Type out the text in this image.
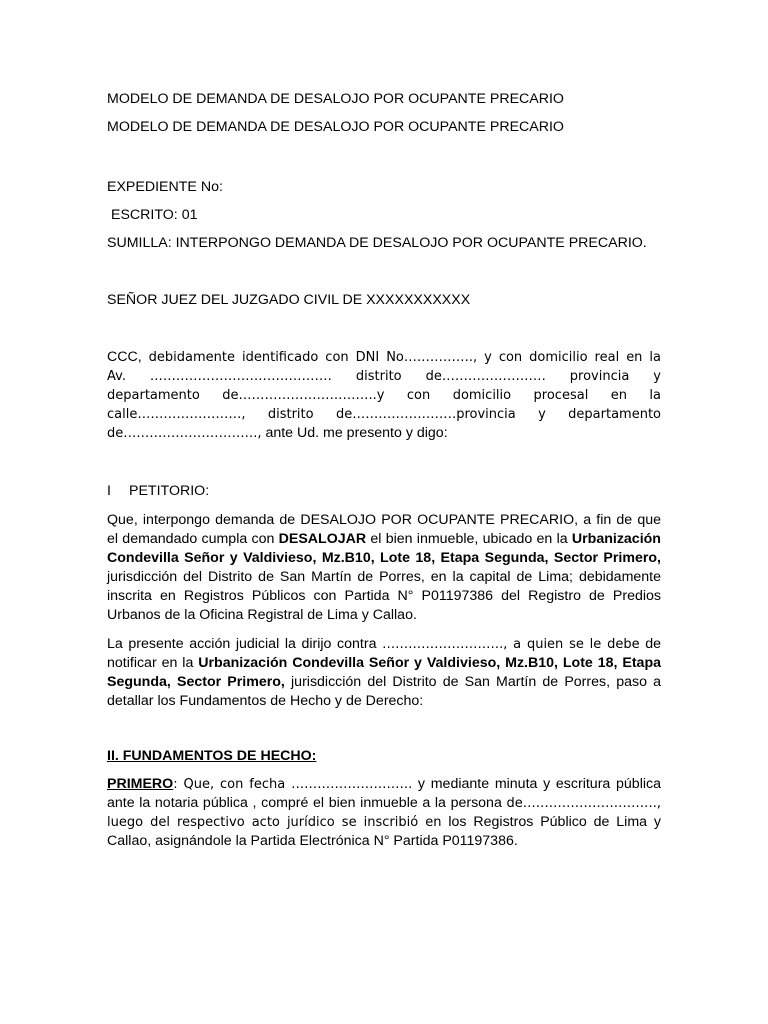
MODELO DE DEMANDA DE DESALOJO POR OCUPANTE PRECARIO
MODELO DE DEMANDA DE DESALOJO POR OCUPANTE PRECARIO
EXPEDIENTE No:
ESCRITO: 01
SUMILLA: INTERPONGO DEMANDA DE DESALOJO POR OCUPANTE PRECARIO.
SEÑOR JUEZ DEL JUZGADO CIVIL DE XXXXXXXXXXX
CCC, debidamente identificado con DNI No……………., y con domicilio real en la
Av. …………………………………… distrito de…………………… provincia y
departamento de…………………………..y con domicilio procesal en la
calle……………………, distrito de……………………provincia y departamento
de…………………………., ante Ud. me presento y digo:
I PETITORIO:
Que, interpongo demanda de DESALOJO POR OCUPANTE PRECARIO, a fin de que el demandado cumpla con DESALOJAR el bien inmueble, ubicado en la Urbanización Condevilla Señor y Valdivieso, Mz.B10, Lote 18, Etapa Segunda, Sector Primero, jurisdicción del Distrito de San Martín de Porres, en la capital de Lima; debidamente inscrita en Registros Públicos con Partida N° P01197386 del Registro de Predios Urbanos de la Oficina Registral de Lima y Callao.
La presente acción judicial la dirijo contra ………………………., a quien se le debe de notificar en la Urbanización Condevilla Señor y Valdivieso, Mz.B10, Lote 18, Etapa Segunda, Sector Primero, jurisdicción del Distrito de San Martín de Porres, paso a detallar los Fundamentos de Hecho y de Derecho:
II. FUNDAMENTOS DE HECHO:
PRIMERO: Que, con fecha ………………………. y mediante minuta y escritura pública ante la notaria pública , compré el bien inmueble a la persona de…………………………., luego del respectivo acto jurídico se inscribió en los Registros Público de Lima y Callao, asignándole la Partida Electrónica N° Partida P01197386.
